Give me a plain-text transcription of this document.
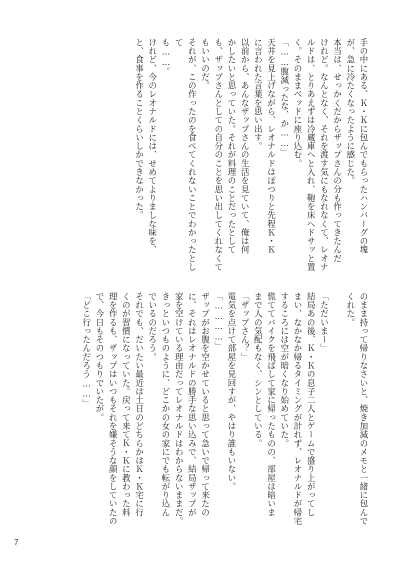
手の中にある、Ｋ・Ｋに包んでもらったハンバーグの塊
が、急に冷たくなったように感じた。
本当は、せっかくだからザップさんの分も作ってきたんだ
けれど。なんとなく、それを渡す気にもなれなくて、レオナ
ルドは、とりあえずは冷蔵庫へと入れ、鞄を床へドサッと置
く。そのままベッドに座り込む。
「……腹減ったな、か……」
天井を見上げながら、レオナルドはぽつりと先程Ｋ・Ｋ
に言われた言葉を思い出す。
以前から、あんなザップさんの生活を見ていて、俺は何
かしたいと思っていた。それが料理のことだったとして
も、ザップさんとしての自分のことを思い出してくれなくて
もいいのだ。
それが、この作ったのを食べてくれないことでわかったとして
も……。
けれど、今のレオナルドには、せめてよりましな味を、
と、食事を作ることくらいしかできなかった。
のまま持って帰りなさいと、焼き加減のメモと一緒に包んで
くれた。

「ただいまー」
結局あの後、Ｋ・Ｋの息子二人とゲームで盛り上がってし
まい、なかなか帰るタイミングが計れず、レオナルドが帰宅
するころには空が暗くなり始めていた。
慌ててバイクを飛ばして家に帰ったものの、部屋は暗いま
まで人の気配もなく、シンとしている。
「ザップさん？」
電気を点けて部屋を見回すが、やはり誰もいない。
「…………」
ザップがお腹を空かせていると思って急いで帰って来たの
に、それはレオナルドの勝手な思い込みで、結局ザップが
家を空けている理由だってレオナルドはわからないままだ。
きっといつものように、どこかの女の家にでも転がり込ん
でいるのだろう。
それでも、だいたい最近は土日のどちらかはＫ・Ｋ宅に行
くのが習慣になっていた。戻って来てＫ・Ｋに教わった料
理を作るも、ザップはいつもそれを嫌そうな顔をしていたの
で、今日もそのつもりでいたが。
「どこ行ったんだろう……」
7
